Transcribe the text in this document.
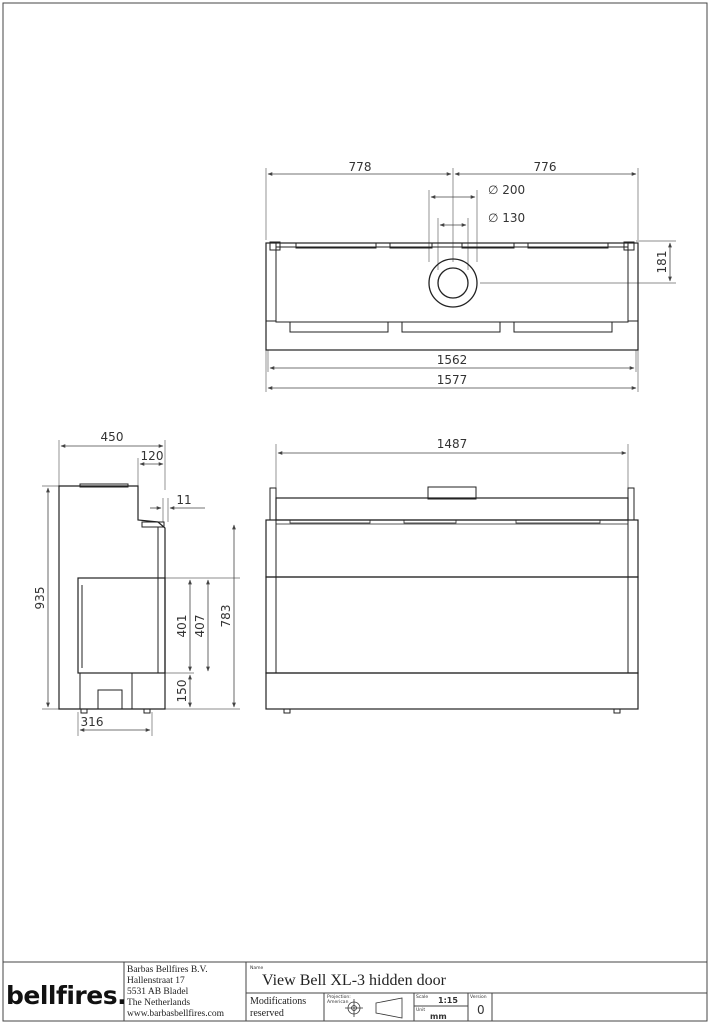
778	776
∅ 200
∅ 130
181
1562
1577
450
120
11
935
401 407 783
150
316
1487
bellfires.
Barbas Bellfires B.V.
Hallenstraat 17
5531 AB Bladel
The Netherlands
www.barbasbellfires.com
Name
View Bell XL-3 hidden door
Modifications
reserved
Projection:
American
Scale 1:15
Unit
mm
Version
0
